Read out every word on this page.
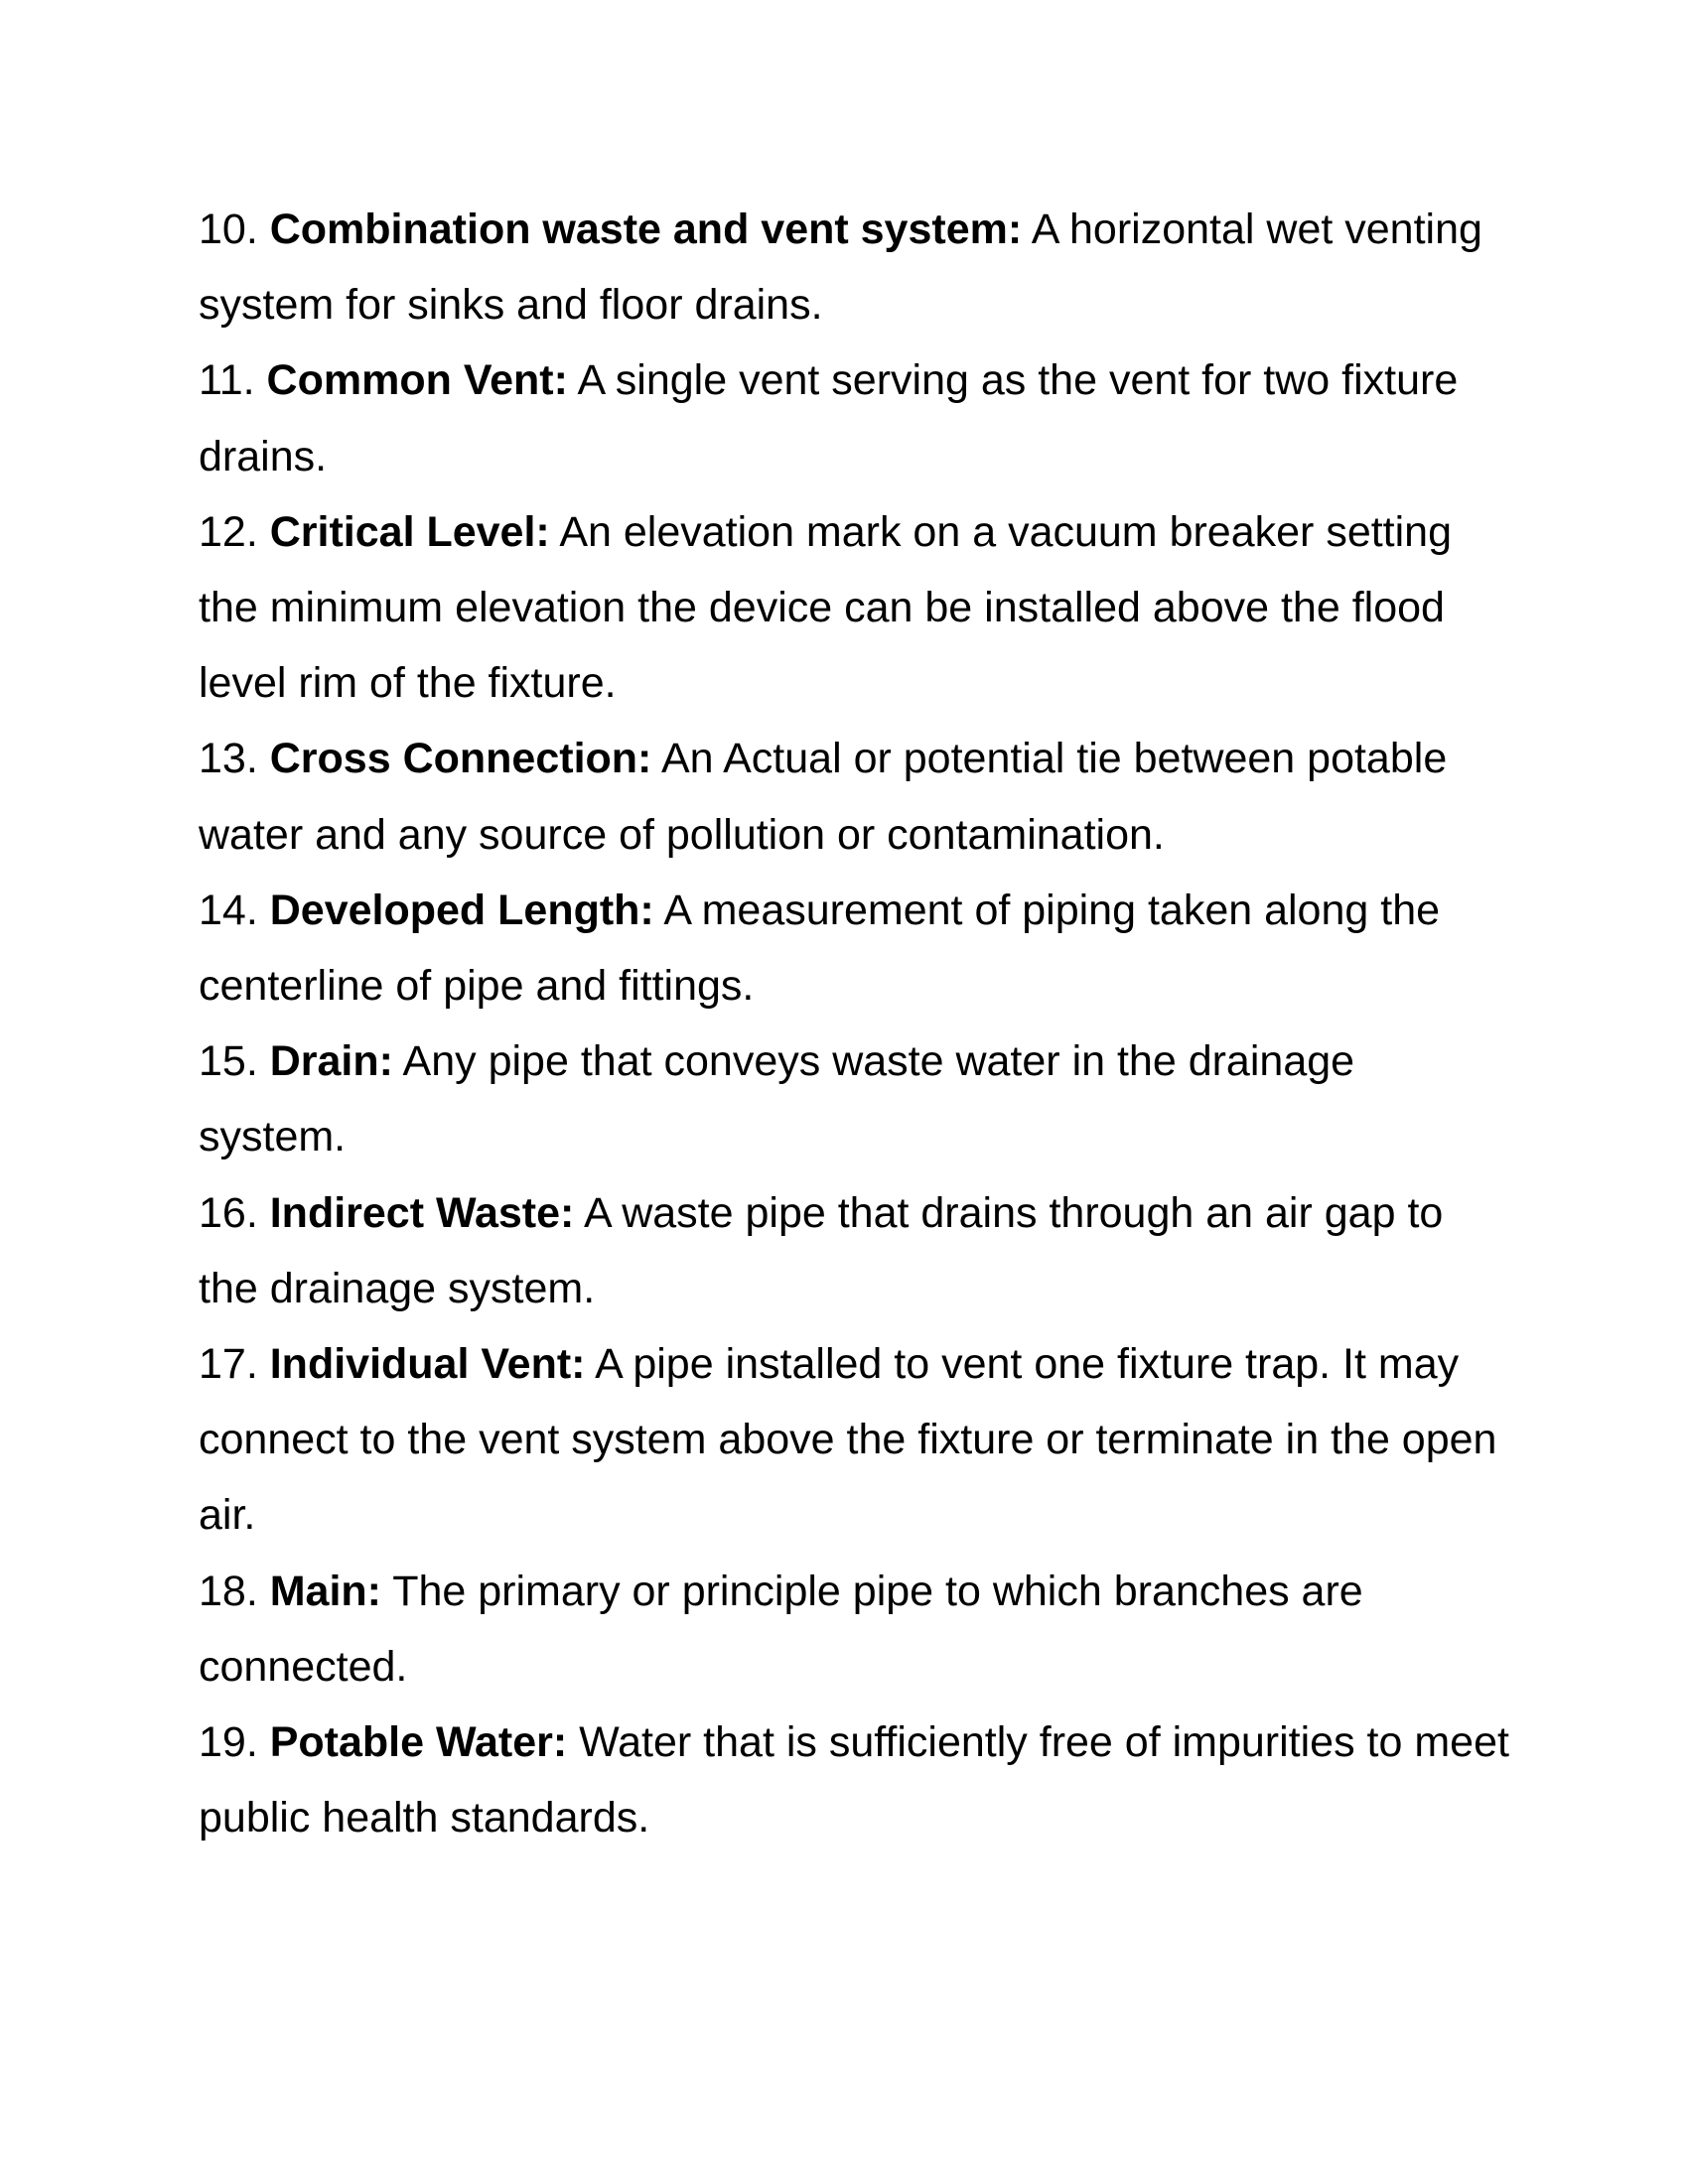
10. Combination waste and vent system: A horizontal wet venting system for sinks and floor drains.

11. Common Vent: A single vent serving as the vent for two fixture drains.

12. Critical Level: An elevation mark on a vacuum breaker setting the minimum elevation the device can be installed above the flood level rim of the fixture.

13. Cross Connection: An Actual or potential tie between potable water and any source of pollution or contamination.

14. Developed Length: A measurement of piping taken along the centerline of pipe and fittings.

15. Drain: Any pipe that conveys waste water in the drainage system.

16. Indirect Waste: A waste pipe that drains through an air gap to the drainage system.

17. Individual Vent: A pipe installed to vent one fixture trap. It may connect to the vent system above the fixture or terminate in the open air.

18. Main: The primary or principle pipe to which branches are connected.

19. Potable Water: Water that is sufficiently free of impurities to meet public health standards.
